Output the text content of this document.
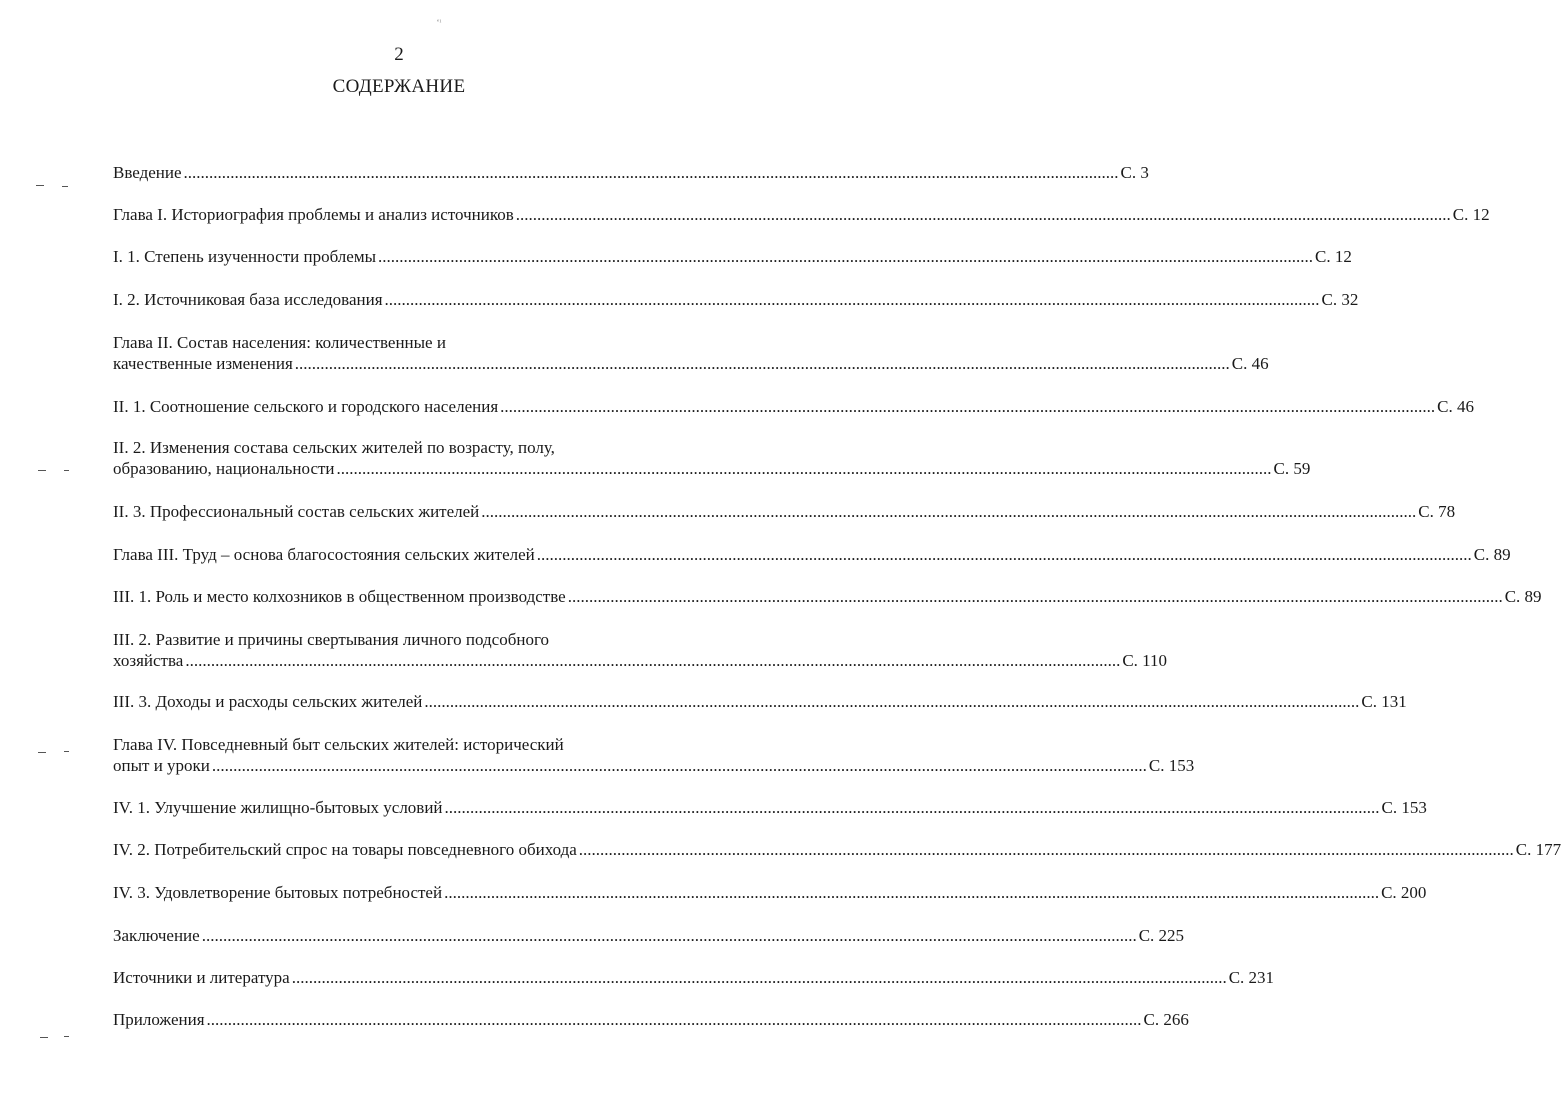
ₑ₁
2
СОДЕРЖАНИЕ
Введение ............................................................................................................................................................................................................................ С. 3
Глава I. Историография проблемы и анализ источников ............................................................................................................................................................................................................................ С. 12
I. 1. Степень изученности проблемы ............................................................................................................................................................................................................................ С. 12
I. 2. Источниковая база исследования ............................................................................................................................................................................................................................ С. 32
Глава II. Состав населения: количественные и
качественные изменения ............................................................................................................................................................................................................................ С. 46
II. 1. Соотношение сельского и городского населения ............................................................................................................................................................................................................................ С. 46
II. 2. Изменения состава сельских жителей по возрасту, полу,
образованию, национальности ............................................................................................................................................................................................................................ С. 59
II. 3. Профессиональный состав сельских жителей ............................................................................................................................................................................................................................ С. 78
Глава III. Труд – основа благосостояния сельских жителей ............................................................................................................................................................................................................................ С. 89
III. 1. Роль и место колхозников в общественном производстве ............................................................................................................................................................................................................................ С. 89
III. 2. Развитие и причины свертывания личного подсобного
хозяйства ............................................................................................................................................................................................................................ С. 110
III. 3. Доходы и расходы сельских жителей ............................................................................................................................................................................................................................ С. 131
Глава IV. Повседневный быт сельских жителей: исторический
опыт и уроки ............................................................................................................................................................................................................................ С. 153
IV. 1. Улучшение жилищно-бытовых условий ............................................................................................................................................................................................................................ С. 153
IV. 2. Потребительский спрос на товары повседневного обихода ............................................................................................................................................................................................................................ С. 177
IV. 3. Удовлетворение бытовых потребностей ............................................................................................................................................................................................................................ С. 200
Заключение ............................................................................................................................................................................................................................ С. 225
Источники и литература ............................................................................................................................................................................................................................ С. 231
Приложения ............................................................................................................................................................................................................................ С. 266
